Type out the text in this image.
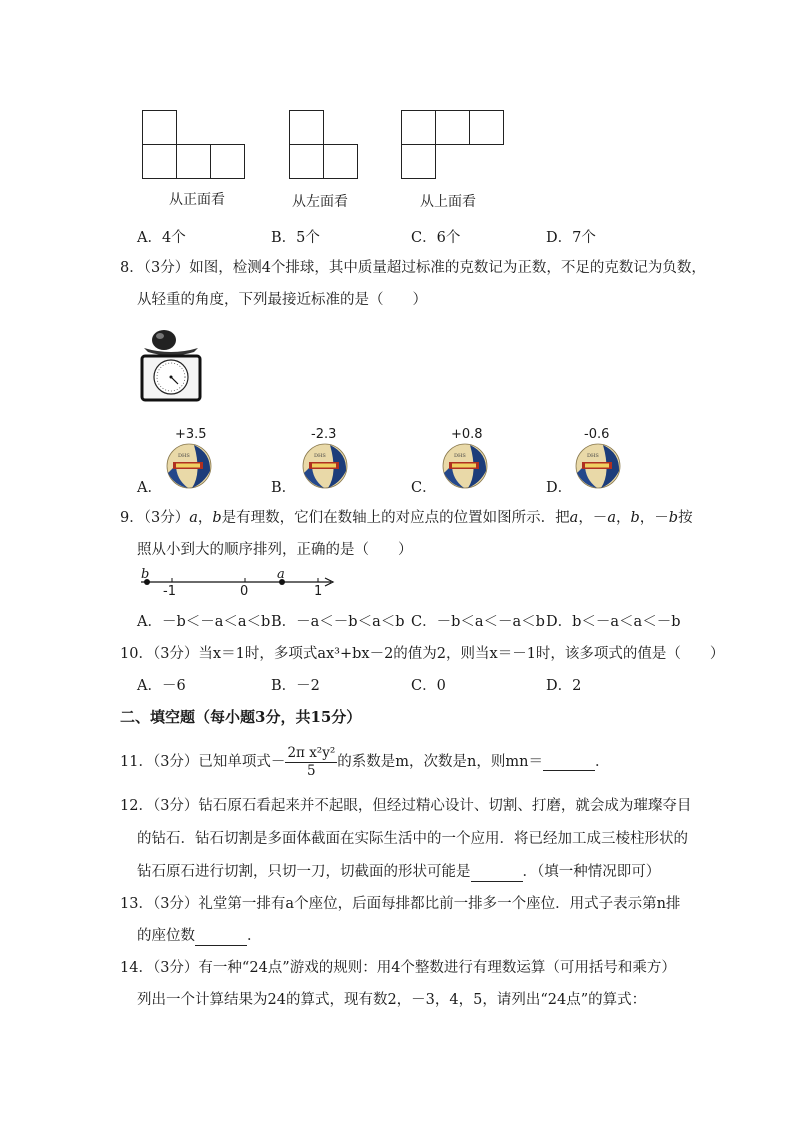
从正面看	从左面看	从上面看
A．4个	B．5个	C．6个	D．7个
8．（3分）如图，检测4个排球，其中质量超过标准的克数记为正数，不足的克数记为负数，
从轻重的角度，下列最接近标准的是（　　）
A．
+3.5
DHS
B．
-2.3
DHS
C．
+0.8
DHS
D．
-0.6
DHS
9．（3分）a，b是有理数，它们在数轴上的对应点的位置如图所示．把a，－a，b，－b按
照从小到大的顺序排列，正确的是（　　）
b	a
-1	0	1
A．－b＜－a＜a＜b B．－a＜－b＜a＜b C．－b＜a＜－a＜b D．b＜－a＜a＜－b
10．（3分）当x＝1时，多项式ax³+bx－2的值为2，则当x＝－1时，该多项式的值是（　　）
A．－6	B．－2	C．0	D．2
二、填空题（每小题3分，共15分）
11．（3分）已知单项式－ $\frac{\text{2π x²y²}}{5}$ 的系数是m，次数是n，则mn＝	．
12．（3分）钻石原石看起来并不起眼，但经过精心设计、切割、打磨，就会成为璀璨夺目
的钻石．钻石切割是多面体截面在实际生活中的一个应用．将已经加工成三棱柱形状的
钻石原石进行切割，只切一刀，切截面的形状可能是	．（填一种情况即可）
13．（3分）礼堂第一排有a个座位，后面每排都比前一排多一个座位．用式子表示第n排
的座位数	．
14．（3分）有一种“24点”游戏的规则：用4个整数进行有理数运算（可用括号和乘方）
列出一个计算结果为24的算式，现有数2，－3，4，5，请列出“24点”的算式：
